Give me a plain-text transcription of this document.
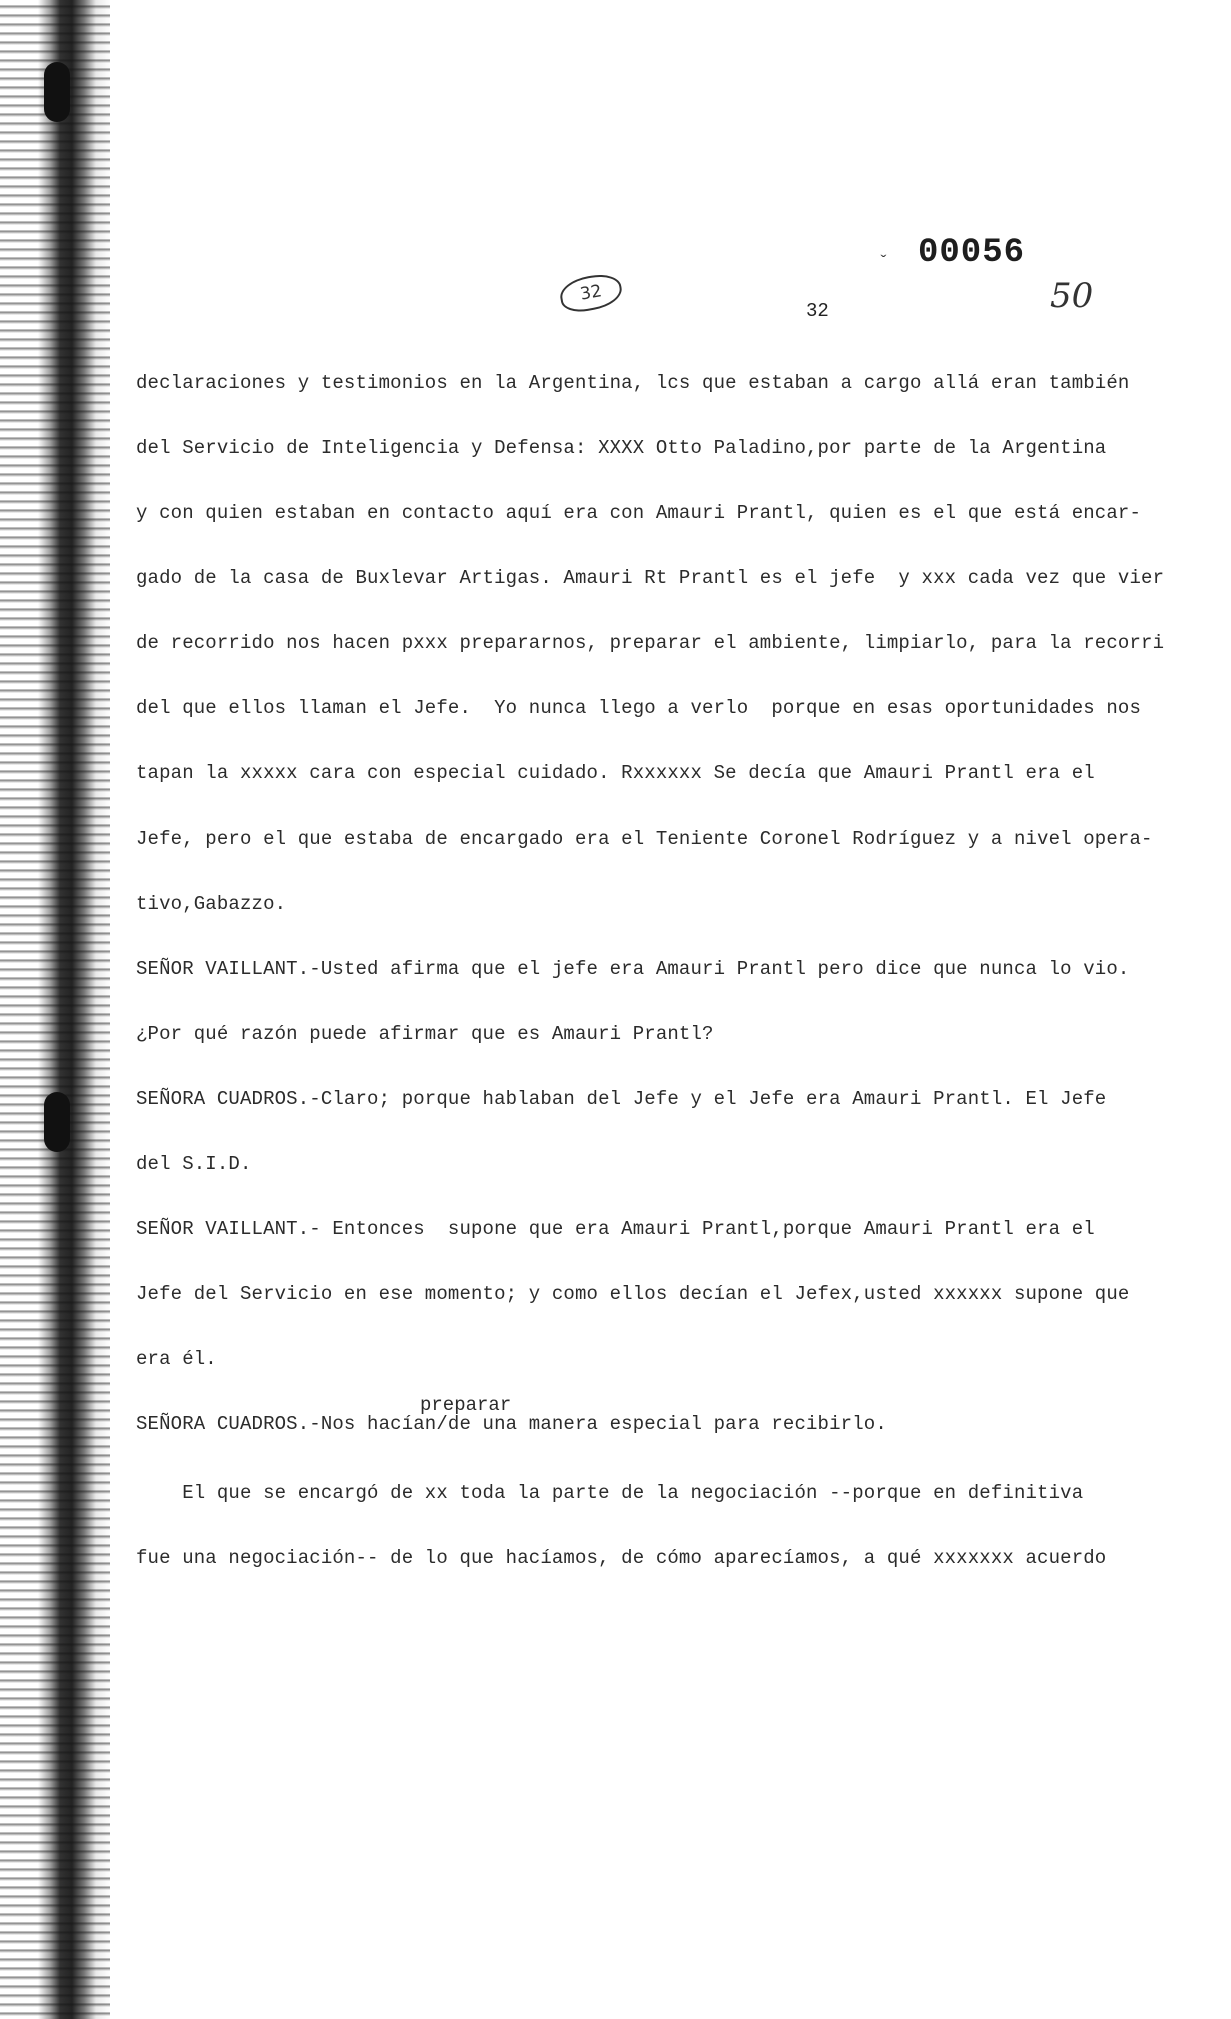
ˇ 00056
50
32
32
declaraciones y testimonios en la Argentina, lcs que estaban a cargo allá eran también
del Servicio de Inteligencia y Defensa: XXXX Otto Paladino,por parte de la Argentina
y con quien estaban en contacto aquí era con Amauri Prantl, quien es el que está encar-
gado de la casa de Buxlevar Artigas. Amauri Rt Prantl es el jefe  y xxx cada vez que vier
de recorrido nos hacen pxxx prepararnos, preparar el ambiente, limpiarlo, para la recorri
del que ellos llaman el Jefe.  Yo nunca llego a verlo  porque en esas oportunidades nos
tapan la xxxxx cara con especial cuidado. Rxxxxxx Se decía que Amauri Prantl era el
Jefe, pero el que estaba de encargado era el Teniente Coronel Rodríguez y a nivel opera-
tivo,Gabazzo.
SEÑOR VAILLANT.-Usted afirma que el jefe era Amauri Prantl pero dice que nunca lo vio.
¿Por qué razón puede afirmar que es Amauri Prantl?
SEÑORA CUADROS.-Claro; porque hablaban del Jefe y el Jefe era Amauri Prantl. El Jefe
del S.I.D.
SEÑOR VAILLANT.- Entonces  supone que era Amauri Prantl,porque Amauri Prantl era el
Jefe del Servicio en ese momento; y como ellos decían el Jefex,usted xxxxxx supone que
era él.
preparar
SEÑORA CUADROS.-Nos hacían/de una manera especial para recibirlo.
El que se encargó de xx toda la parte de la negociación --porque en definitiva
fue una negociación-- de lo que hacíamos, de cómo aparecíamos, a qué xxxxxxx acuerdo
